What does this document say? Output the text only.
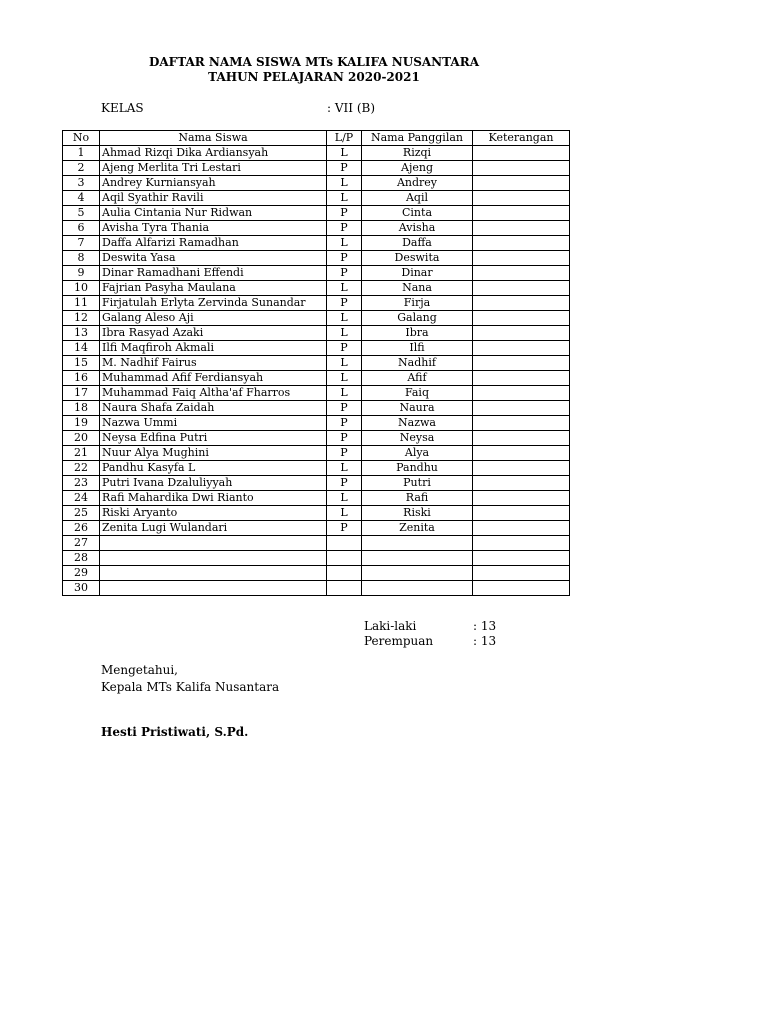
DAFTAR NAMA SISWA MTs KALIFA NUSANTARA
TAHUN PELAJARAN 2020-2021
KELAS	: VII (B)
No	Nama Siswa	L/P	Nama Panggilan	Keterangan
1	Ahmad Rizqi Dika Ardiansyah	L	Rizqi	
2	Ajeng Merlita Tri Lestari	P	Ajeng	
3	Andrey Kurniansyah	L	Andrey	
4	Aqil Syathir Ravili	L	Aqil	
5	Aulia Cintania Nur Ridwan	P	Cinta	
6	Avisha Tyra Thania	P	Avisha	
7	Daffa Alfarizi Ramadhan	L	Daffa	
8	Deswita Yasa	P	Deswita	
9	Dinar Ramadhani Effendi	P	Dinar	
10	Fajrian Pasyha Maulana	L	Nana	
11	Firjatulah Erlyta Zervinda Sunandar	P	Firja	
12	Galang Aleso Aji	L	Galang	
13	Ibra Rasyad Azaki	L	Ibra	
14	Ilfi Maqfiroh Akmali	P	Ilfi	
15	M. Nadhif Fairus	L	Nadhif	
16	Muhammad Afif Ferdiansyah	L	Afif	
17	Muhammad Faiq Altha'af Fharros	L	Faiq	
18	Naura Shafa Zaidah	P	Naura	
19	Nazwa Ummi	P	Nazwa	
20	Neysa Edfina Putri	P	Neysa	
21	Nuur Alya Mughini	P	Alya	
22	Pandhu Kasyfa L	L	Pandhu	
23	Putri Ivana Dzaluliyyah	P	Putri	
24	Rafi Mahardika Dwi Rianto	L	Rafi	
25	Riski Aryanto	L	Riski	
26	Zenita Lugi Wulandari	P	Zenita	
27				
28				
29				
30				
Laki-laki	: 13
Perempuan	: 13
Mengetahui,
Kepala MTs Kalifa Nusantara
Hesti Pristiwati, S.Pd.
